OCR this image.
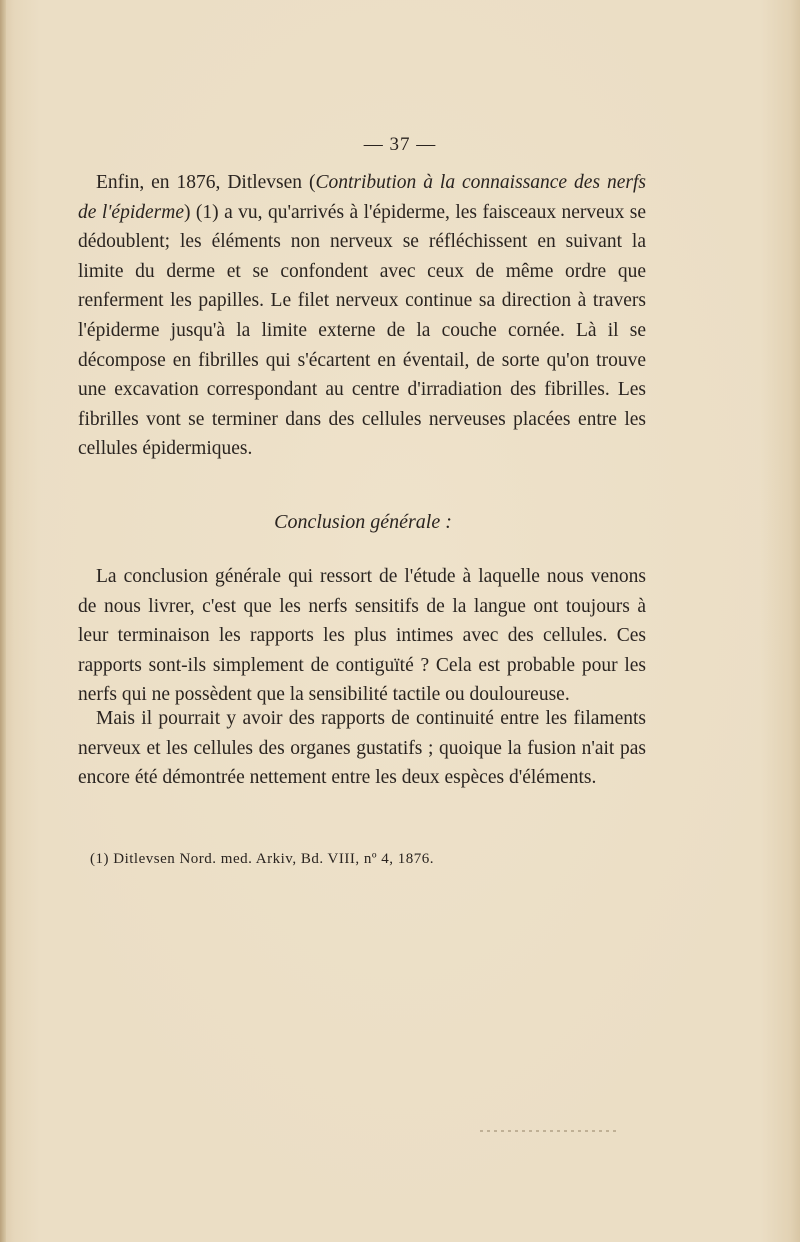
— 37 —

Enfin, en 1876, Ditlevsen (Contribution à la connaissance des nerfs de l'épiderme) (1) a vu, qu'arrivés à l'épiderme, les faisceaux nerveux se dédoublent; les éléments non nerveux se réfléchissent en suivant la limite du derme et se confondent avec ceux de même ordre que renferment les papilles. Le filet nerveux continue sa direction à travers l'épiderme jusqu'à la limite externe de la couche cornée. Là il se décompose en fibrilles qui s'écartent en éventail, de sorte qu'on trouve une excavation correspondant au centre d'irradiation des fibrilles. Les fibrilles vont se terminer dans des cellules nerveuses placées entre les cellules épidermiques.

Conclusion générale :

La conclusion générale qui ressort de l'étude à laquelle nous venons de nous livrer, c'est que les nerfs sensitifs de la langue ont toujours à leur terminaison les rapports les plus intimes avec des cellules. Ces rapports sont-ils simplement de contiguïté ? Cela est probable pour les nerfs qui ne possèdent que la sensibilité tactile ou douloureuse.

Mais il pourrait y avoir des rapports de continuité entre les filaments nerveux et les cellules des organes gustatifs ; quoique la fusion n'ait pas encore été démontrée nettement entre les deux espèces d'éléments.

(1) Ditlevsen Nord. med. Arkiv, Bd. VIII, nº 4, 1876.
